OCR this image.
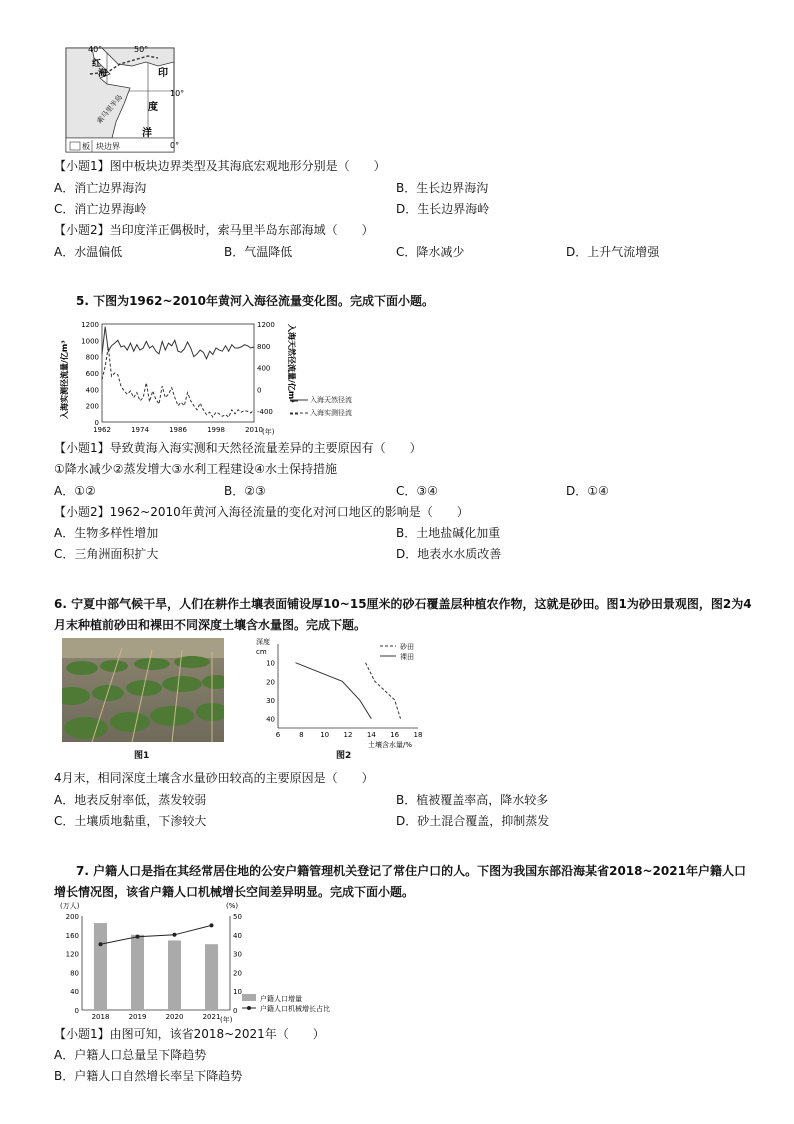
40°	50°
红
海	印
度
洋
索马里半岛	10°
0°
板 块边界
【小题1】图中板块边界类型及其海底宏观地形分别是（　　）
A．消亡边界海沟	B．生长边界海沟
C．消亡边界海岭	D．生长边界海岭
【小题2】当印度洋正偶极时，索马里半岛东部海域（　　）
A．水温偏低	B．气温降低	C．降水减少	D．上升气流增强
5. 下图为1962~2010年黄河入海径流量变化图。完成下面小题。
入海实测径流量/亿m³	入海天然径流量/亿m³
1200
1000
800
600
400
200
0
1200
800
400
0
-400
1962	1974	1986	1998	2010 (年)
入海天然径流
入海实测径流
【小题1】导致黄海入海实测和天然径流量差异的主要原因有（　　）
①降水减少②蒸发增大③水利工程建设④水土保持措施
A．①②	B．②③	C．③④	D．①④
【小题2】1962~2010年黄河入海径流量的变化对河口地区的影响是（　　）
A．生物多样性增加	B．土地盐碱化加重
C．三角洲面积扩大	D．地表水水质改善
6. 宁夏中部气候干旱，人们在耕作土壤表面铺设厚10~15厘米的砂石覆盖层种植农作物，这就是砂田。图1为砂田景观图，图2为4
月末种植前砂田和裸田不同深度土壤含水量图。完成下题。
图1
深度
cm
6	8 10 12 14 16 18
10
20
30
40
砂田
裸田
土壤含水量/%
图2
4月末，相同深度土壤含水量砂田较高的主要原因是（　　）
A．地表反射率低，蒸发较弱	B．植被覆盖率高，降水较多
C．土壤质地黏重，下渗较大	D．砂土混合覆盖，抑制蒸发
7. 户籍人口是指在其经常居住地的公安户籍管理机关登记了常住户口的人。下图为我国东部沿海某省2018~2021年户籍人口
增长情况图，该省户籍人口机械增长空间差异明显。完成下面小题。
(万人)	(%)
200
160
120
80
40
0
50
40
30
20
10
0
2018	2019	2020	2021
户籍人口增量
户籍人口机械增长占比
(年)
【小题1】由图可知，该省2018~2021年（　　）
A．户籍人口总量呈下降趋势
B．户籍人口自然增长率呈下降趋势
